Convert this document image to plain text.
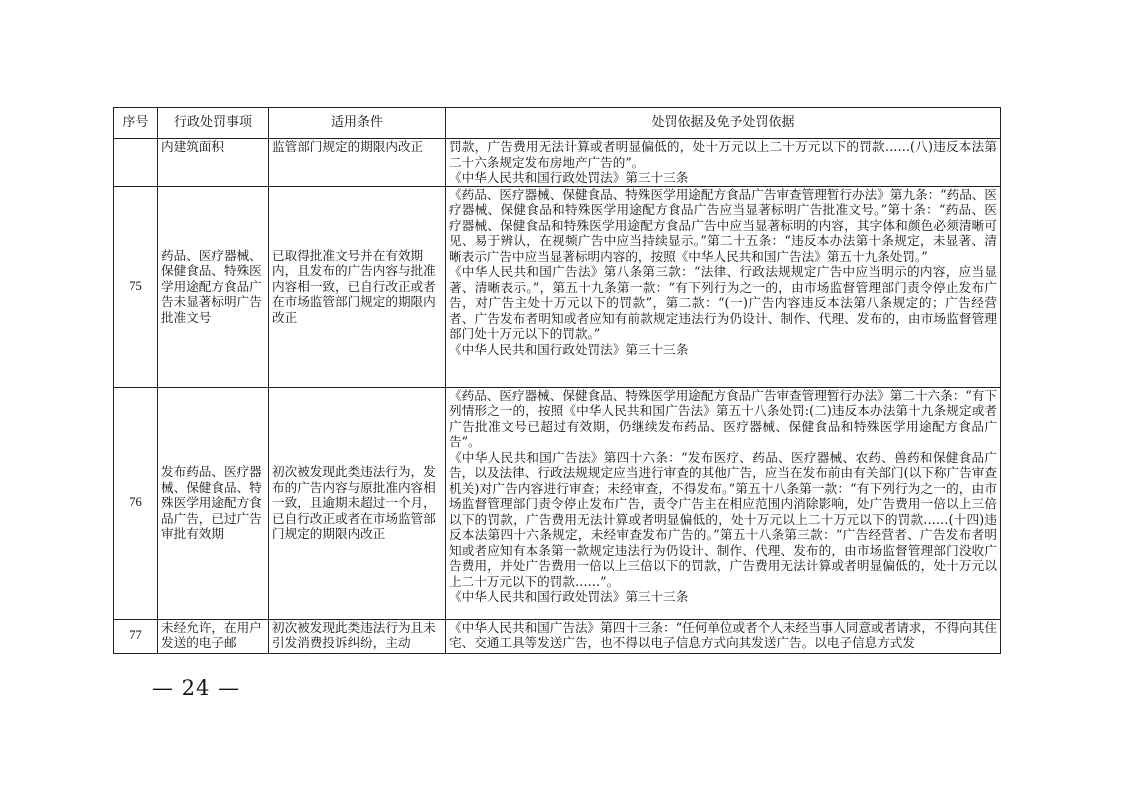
序号	行政处罚事项	适用条件	处罚依据及免予处罚依据
	内建筑面积	监管部门规定的期限内改正	罚款，广告费用无法计算或者明显偏低的，处十万元以上二十万元以下的罚款……(八)违反本法第二十六条规定发布房地产广告的”。
《中华人民共和国行政处罚法》第三十三条

75	药品、医疗器械、保健食品、特殊医学用途配方食品广告未显著标明广告批准文号	已取得批准文号并在有效期内，且发布的广告内容与批准内容相一致，已自行改正或者在市场监管部门规定的期限内改正	《药品、医疗器械、保健食品、特殊医学用途配方食品广告审查管理暂行办法》第九条：“药品、医疗器械、保健食品和特殊医学用途配方食品广告应当显著标明广告批准文号。”第十条：“药品、医疗器械、保健食品和特殊医学用途配方食品广告中应当显著标明的内容，其字体和颜色必须清晰可见、易于辨认，在视频广告中应当持续显示。”第二十五条：“违反本办法第十条规定，未显著、清晰表示广告中应当显著标明内容的，按照《中华人民共和国广告法》第五十九条处罚。”
《中华人民共和国广告法》第八条第三款：“法律、行政法规规定广告中应当明示的内容，应当显著、清晰表示。”，第五十九条第一款：“有下列行为之一的，由市场监督管理部门责令停止发布广告，对广告主处十万元以下的罚款”，第二款：“(一)广告内容违反本法第八条规定的；广告经营者、广告发布者明知或者应知有前款规定违法行为仍设计、制作、代理、发布的，由市场监督管理部门处十万元以下的罚款。”
《中华人民共和国行政处罚法》第三十三条

76	发布药品、医疗器械、保健食品、特殊医学用途配方食品广告，已过广告审批有效期	初次被发现此类违法行为，发布的广告内容与原批准内容相一致，且逾期未超过一个月，已自行改正或者在市场监管部门规定的期限内改正	《药品、医疗器械、保健食品、特殊医学用途配方食品广告审查管理暂行办法》第二十六条：“有下列情形之一的，按照《中华人民共和国广告法》第五十八条处罚:(二)违反本办法第十九条规定或者广告批准文号已超过有效期，仍继续发布药品、医疗器械、保健食品和特殊医学用途配方食品广告”。
《中华人民共和国广告法》第四十六条：“发布医疗、药品、医疗器械、农药、兽药和保健食品广告，以及法律、行政法规规定应当进行审查的其他广告，应当在发布前由有关部门(以下称广告审查机关)对广告内容进行审查；未经审查，不得发布。”第五十八条第一款：“有下列行为之一的，由市场监督管理部门责令停止发布广告，责令广告主在相应范围内消除影响，处广告费用一倍以上三倍以下的罚款，广告费用无法计算或者明显偏低的，处十万元以上二十万元以下的罚款……(十四)违反本法第四十六条规定，未经审查发布广告的。”第五十八条第三款：“广告经营者、广告发布者明知或者应知有本条第一款规定违法行为仍设计、制作、代理、发布的，由市场监督管理部门没收广告费用，并处广告费用一倍以上三倍以下的罚款，广告费用无法计算或者明显偏低的，处十万元以上二十万元以下的罚款……”。
《中华人民共和国行政处罚法》第三十三条

77	未经允许，在用户发送的电子邮	初次被发现此类违法行为且未引发消费投诉纠纷，主动	《中华人民共和国广告法》第四十三条：“任何单位或者个人未经当事人同意或者请求，不得向其住宅、交通工具等发送广告，也不得以电子信息方式向其发送广告。以电子信息方式发
— 24 —
